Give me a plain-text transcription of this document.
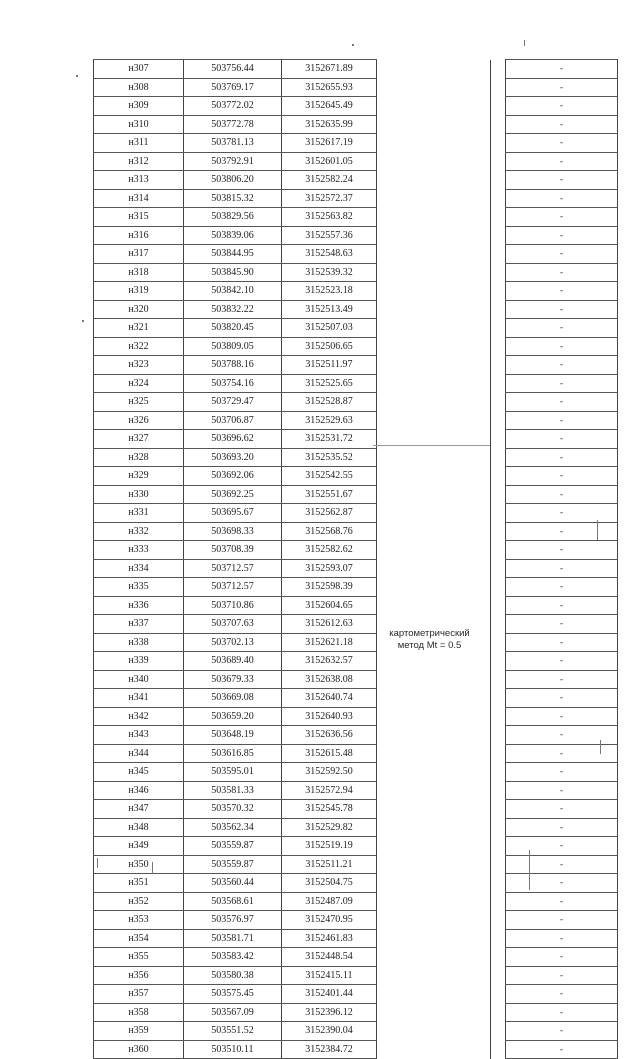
н307	503756.44	3152671.89			-
н308	503769.17	3152655.93			-
н309	503772.02	3152645.49			-
н310	503772.78	3152635.99			-
н311	503781.13	3152617.19			-
н312	503792.91	3152601.05			-
н313	503806.20	3152582.24			-
н314	503815.32	3152572.37			-
н315	503829.56	3152563.82			-
н316	503839.06	3152557.36			-
н317	503844.95	3152548.63			-
н318	503845.90	3152539.32			-
н319	503842.10	3152523.18			-
н320	503832.22	3152513.49			-
н321	503820.45	3152507.03			-
н322	503809.05	3152506.65			-
н323	503788.16	3152511.97			-
н324	503754.16	3152525.65			-
н325	503729.47	3152528.87			-
н326	503706.87	3152529.63			-
н327	503696.62	3152531.72			-
н328	503693.20	3152535.52			-
н329	503692.06	3152542.55			-
н330	503692.25	3152551.67			-
н331	503695.67	3152562.87			-
н332	503698.33	3152568.76			-
н333	503708.39	3152582.62			-
н334	503712.57	3152593.07			-
н335	503712.57	3152598.39			-
н336	503710.86	3152604.65			-
н337	503707.63	3152612.63			-
н338	503702.13	3152621.18			-
н339	503689.40	3152632.57			-
н340	503679.33	3152638.08			-
н341	503669.08	3152640.74			-
н342	503659.20	3152640.93			-
н343	503648.19	3152636.56			-
н344	503616.85	3152615.48			-
н345	503595.01	3152592.50			-
н346	503581.33	3152572.94			-
н347	503570.32	3152545.78			-
н348	503562.34	3152529.82			-
н349	503559.87	3152519.19			-
н350	503559.87	3152511.21			-
н351	503560.44	3152504.75			-
н352	503568.61	3152487.09			-
н353	503576.97	3152470.95			-
н354	503581.71	3152461.83			-
н355	503583.42	3152448.54			-
н356	503580.38	3152415.11			-
н357	503575.45	3152401.44			-
н358	503567.09	3152396.12			-
н359	503551.52	3152390.04			-
н360	503510.11	3152384.72			-
картометрический
метод Mt = 0.5
